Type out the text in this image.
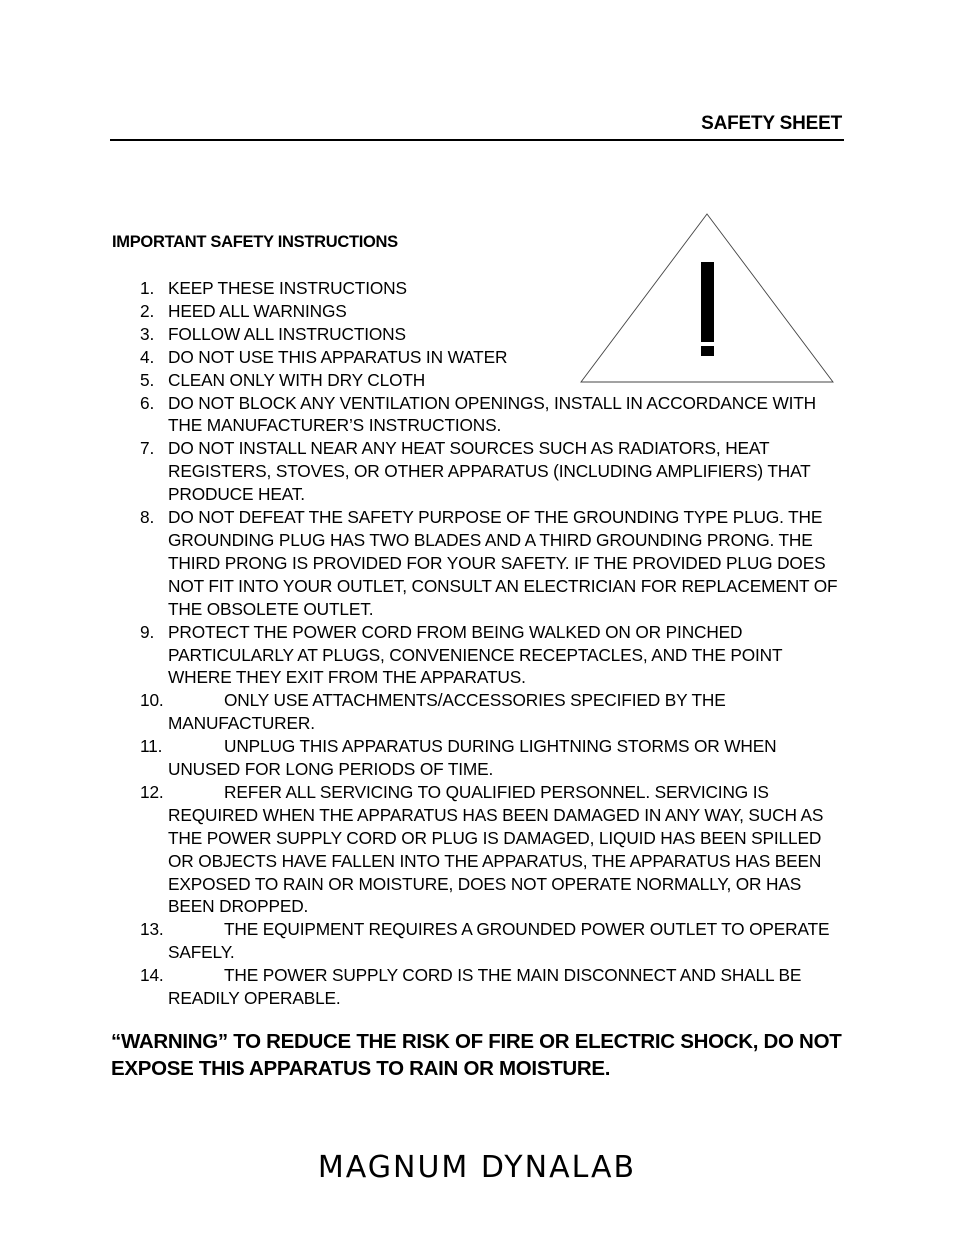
SAFETY SHEET
IMPORTANT SAFETY INSTRUCTIONS
1. KEEP THESE INSTRUCTIONS
2. HEED ALL WARNINGS
3. FOLLOW ALL INSTRUCTIONS
4. DO NOT USE THIS APPARATUS IN WATER
5. CLEAN ONLY WITH DRY CLOTH
6. DO NOT BLOCK ANY VENTILATION OPENINGS, INSTALL IN ACCORDANCE WITH THE MANUFACTURER’S INSTRUCTIONS.
7. DO NOT INSTALL NEAR ANY HEAT SOURCES SUCH AS RADIATORS, HEAT REGISTERS, STOVES, OR OTHER APPARATUS (INCLUDING AMPLIFIERS) THAT PRODUCE HEAT.
8. DO NOT DEFEAT THE SAFETY PURPOSE OF THE GROUNDING TYPE PLUG. THE GROUNDING PLUG HAS TWO BLADES AND A THIRD GROUNDING PRONG. THE THIRD PRONG IS PROVIDED FOR YOUR SAFETY. IF THE PROVIDED PLUG DOES NOT FIT INTO YOUR OUTLET, CONSULT AN ELECTRICIAN FOR REPLACEMENT OF THE OBSOLETE OUTLET.
9. PROTECT THE POWER CORD FROM BEING WALKED ON OR PINCHED PARTICULARLY AT PLUGS, CONVENIENCE RECEPTACLES, AND THE POINT WHERE THEY EXIT FROM THE APPARATUS.
10.	ONLY USE ATTACHMENTS/ACCESSORIES SPECIFIED BY THE MANUFACTURER.
11.	UNPLUG THIS APPARATUS DURING LIGHTNING STORMS OR WHEN UNUSED FOR LONG PERIODS OF TIME.
12.	REFER ALL SERVICING TO QUALIFIED PERSONNEL. SERVICING IS REQUIRED WHEN THE APPARATUS HAS BEEN DAMAGED IN ANY WAY, SUCH AS THE POWER SUPPLY CORD OR PLUG IS DAMAGED, LIQUID HAS BEEN SPILLED OR OBJECTS HAVE FALLEN INTO THE APPARATUS, THE APPARATUS HAS BEEN EXPOSED TO RAIN OR MOISTURE, DOES NOT OPERATE NORMALLY, OR HAS BEEN DROPPED.
13.	THE EQUIPMENT REQUIRES A GROUNDED POWER OUTLET TO OPERATE SAFELY.
14.	THE POWER SUPPLY CORD IS THE MAIN DISCONNECT AND SHALL BE READILY OPERABLE.
“WARNING” TO REDUCE THE RISK OF FIRE OR ELECTRIC SHOCK, DO NOT EXPOSE THIS APPARATUS TO RAIN OR MOISTURE.
MAGNUM DYNALAB
